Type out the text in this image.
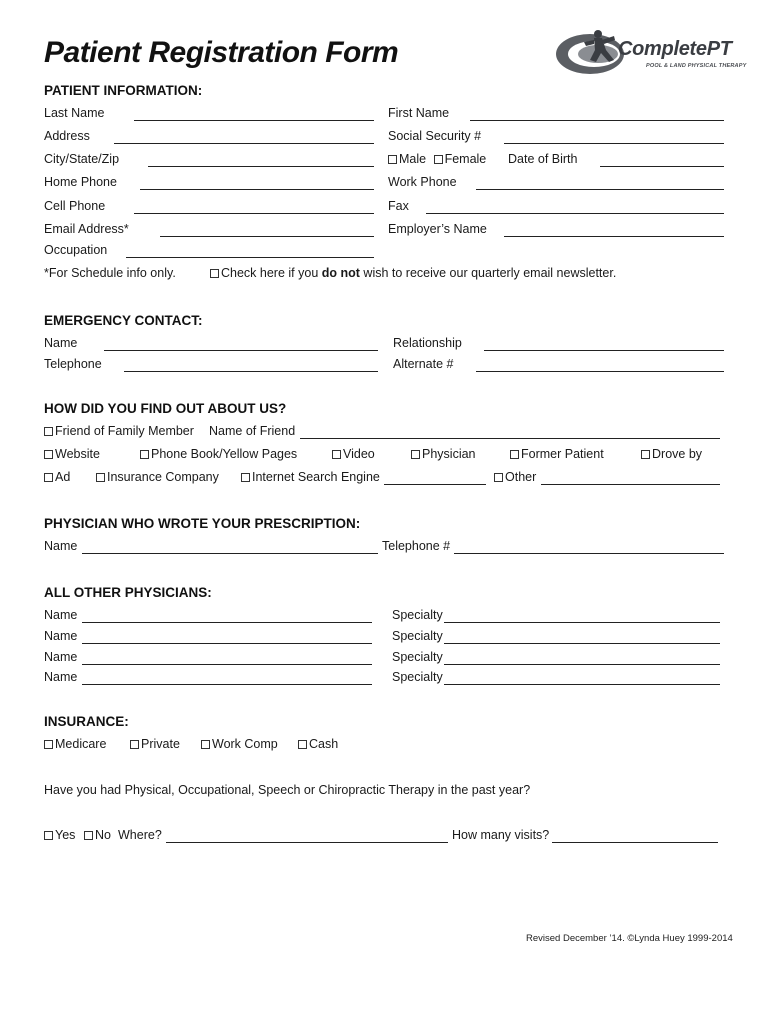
Patient Registration Form	CompletePT
POOL & LAND PHYSICAL THERAPY
PATIENT INFORMATION:
Last Name	First Name
Address	Social Security #
City/State/Zip	Male Female Date of Birth
Home Phone	Work Phone
Cell Phone	Fax
Email Address*	Employer’s Name
Occupation
*For Schedule info only.	Check here if you do not wish to receive our quarterly email newsletter.
EMERGENCY CONTACT:
Name	Relationship
Telephone	Alternate #
HOW DID YOU FIND OUT ABOUT US?
Friend of Family Member Name of Friend
Website	Phone Book/Yellow Pages	Video	Physician	Former Patient	Drove by
Ad	Insurance Company	Internet Search Engine	Other
PHYSICIAN WHO WROTE YOUR PRESCRIPTION:
Name	Telephone #
ALL OTHER PHYSICIANS:
Name	Specialty
Name	Specialty
Name	Specialty
Name	Specialty
INSURANCE:
Medicare	Private	Work Comp	Cash
Have you had Physical, Occupational, Speech or Chiropractic Therapy in the past year?
Yes	No Where?	How many visits?
Revised December ’14. ©Lynda Huey 1999-2014
